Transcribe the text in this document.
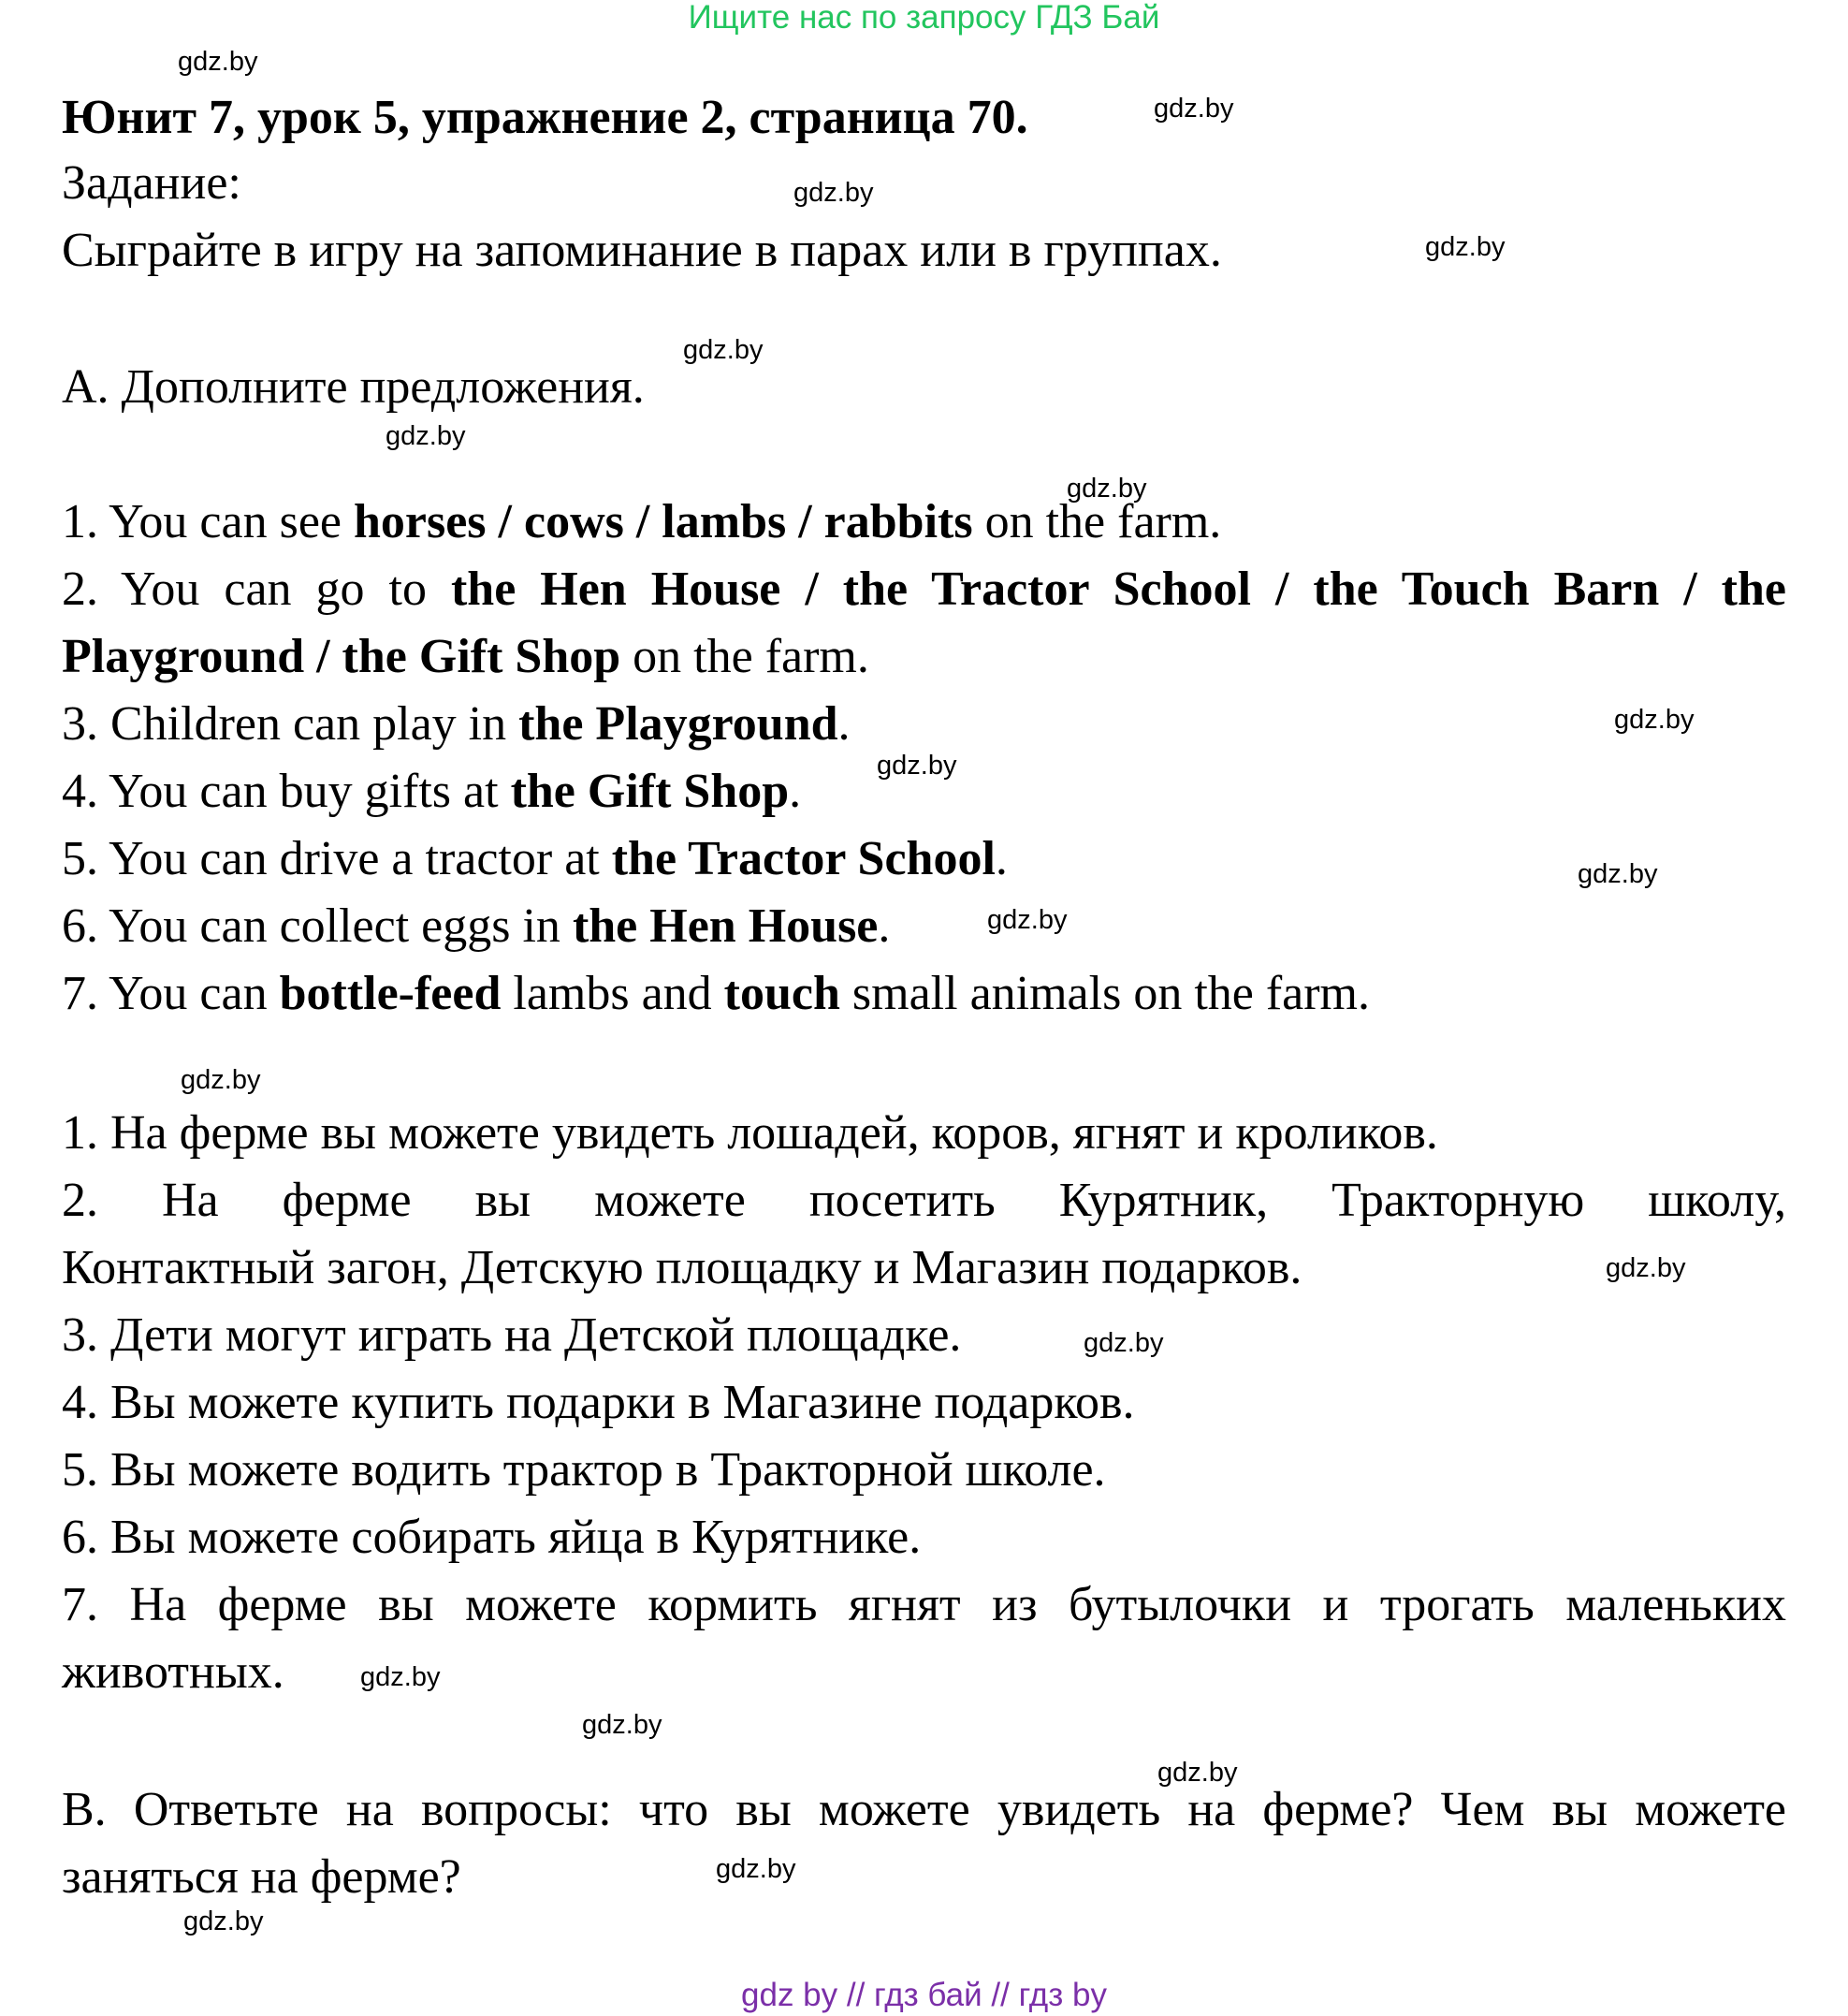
Ищите нас по запросу ГДЗ Бай
gdz.by
gdz.by
gdz.by
gdz.by
gdz.by
gdz.by
gdz.by
gdz.by
gdz.by
gdz.by
gdz.by
gdz.by
gdz.by
gdz.by
gdz.by
gdz.by
gdz.by
gdz.by
gdz.by
Юнит 7, урок 5, упражнение 2, страница 70.
Задание:
Сыграйте в игру на запоминание в парах или в группах.
А. Дополните предложения.
1. You can see horses / cows / lambs / rabbits on the farm.
2. You can go to the Hen House / the Tractor School / the Touch Barn / the
Playground / the Gift Shop on the farm.
3. Children can play in the Playground.
4. You can buy gifts at the Gift Shop.
5. You can drive a tractor at the Tractor School.
6. You can collect eggs in the Hen House.
7. You can bottle-feed lambs and touch small animals on the farm.
1. На ферме вы можете увидеть лошадей, коров, ягнят и кроликов.
2. На ферме вы можете посетить Курятник, Тракторную школу,
Контактный загон, Детскую площадку и Магазин подарков.
3. Дети могут играть на Детской площадке.
4. Вы можете купить подарки в Магазине подарков.
5. Вы можете водить трактор в Тракторной школе.
6. Вы можете собирать яйца в Курятнике.
7. На ферме вы можете кормить ягнят из бутылочки и трогать маленьких
животных.
В. Ответьте на вопросы: что вы можете увидеть на ферме? Чем вы можете
заняться на ферме?
gdz by // гдз бай // гдз by
